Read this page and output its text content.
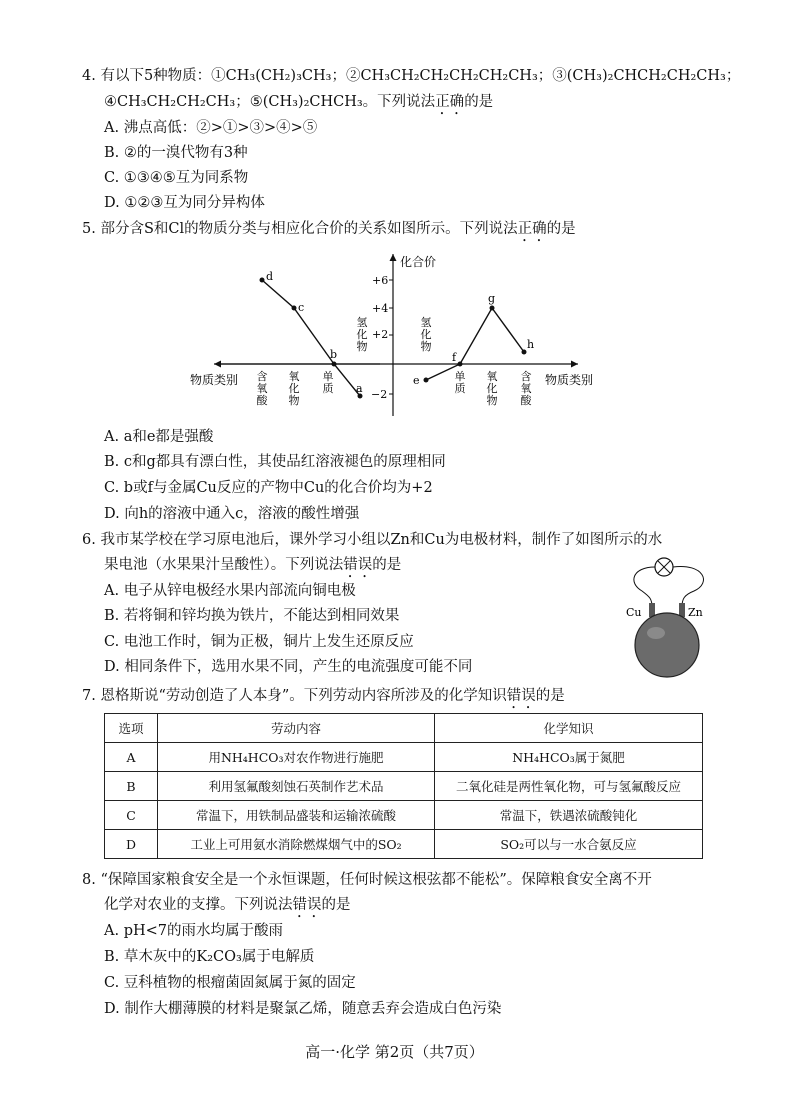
4. 有以下5种物质：①CH₃(CH₂)₃CH₃；②CH₃CH₂CH₂CH₂CH₂CH₃；③(CH₃)₂CHCH₂CH₂CH₃；
④CH₃CH₂CH₂CH₃；⑤(CH₃)₂CHCH₃。下列说法正确的是
A. 沸点高低：②>①>③>④>⑤
B. ②的一溴代物有3种
C. ①③④⑤互为同系物
D. ①②③互为同分异构体
5. 部分含S和Cl的物质分类与相应化合价的关系如图所示。下列说法正确的是
化合价
+6
+4
+2
−2
物质类别	物质类别
含氧酸
氧化物
单质
单质
氧化物
含氧酸
氢化物
氢化物
d
c
b
a
e
f
g
h
A. a和e都是强酸
B. c和g都具有漂白性，其使品红溶液褪色的原理相同
C. b或f与金属Cu反应的产物中Cu的化合价均为+2
D. 向h的溶液中通入c，溶液的酸性增强
6. 我市某学校在学习原电池后，课外学习小组以Zn和Cu为电极材料，制作了如图所示的水
果电池（水果果汁呈酸性）。下列说法错误的是
A. 电子从锌电极经水果内部流向铜电极
B. 若将铜和锌均换为铁片，不能达到相同效果
C. 电池工作时，铜为正极，铜片上发生还原反应
D. 相同条件下，选用水果不同，产生的电流强度可能不同
Cu	Zn
7. 恩格斯说“劳动创造了人本身”。下列劳动内容所涉及的化学知识错误的是
选项	劳动内容	化学知识
A	用NH₄HCO₃对农作物进行施肥	NH₄HCO₃属于氮肥
B	利用氢氟酸刻蚀石英制作艺术品	二氧化硅是两性氧化物，可与氢氟酸反应
C	常温下，用铁制品盛装和运输浓硫酸	常温下，铁遇浓硫酸钝化
D	工业上可用氨水消除燃煤烟气中的SO₂	SO₂可以与一水合氨反应
8. “保障国家粮食安全是一个永恒课题，任何时候这根弦都不能松”。保障粮食安全离不开
化学对农业的支撑。下列说法错误的是
A. pH<7的雨水均属于酸雨
B. 草木灰中的K₂CO₃属于电解质
C. 豆科植物的根瘤菌固氮属于氮的固定
D. 制作大棚薄膜的材料是聚氯乙烯，随意丢弃会造成白色污染
高一·化学 第2页（共7页）
